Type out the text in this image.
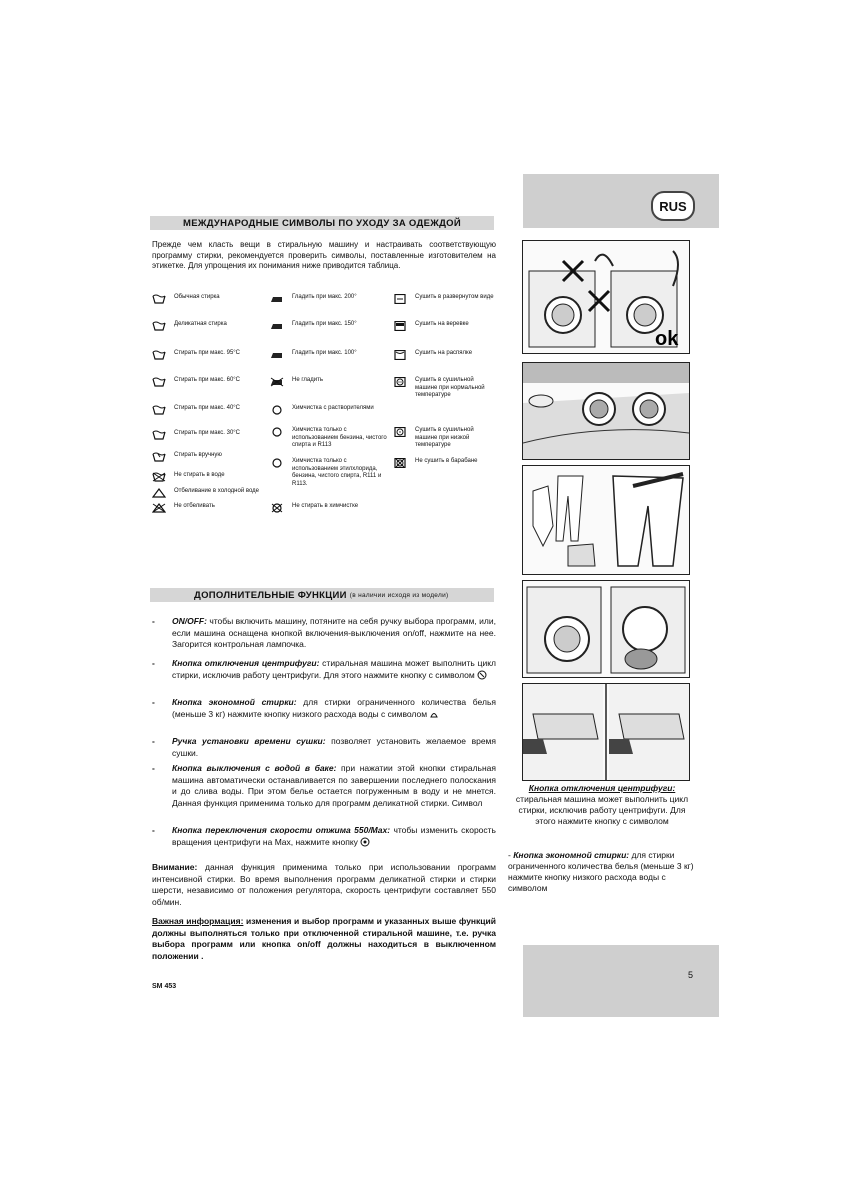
RUS
5
МЕЖДУНАРОДНЫЕ СИМВОЛЫ ПО УХОДУ ЗА ОДЕЖДОЙ
Прежде чем класть вещи в стиральную машину и настраивать соответствующую программу стирки, рекомендуется проверить символы, поставленные изготовителем на этикетке. Для упрощения их понимания ниже приводится таблица.
Обычная стирка
Деликатная стирка
Стирать при макс. 95°С
Стирать при макс. 60°С
Стирать при макс. 40°С
Стирать при макс. 30°С
Стирать вручную
Не стирать в воде
Отбеливание в холодной воде
Не отбеливать
Гладить при макс. 200°
Гладить при макс. 150°
Гладить при макс. 100°
Не гладить
Химчистка с растворителями
Химчистка только с использованием бензина, чистого спирта и R113
Химчистка только с использованием этилхлорида, бензина, чистого спирта, R111 и R113.
Не стирать в химчистке
Сушить в развернутом виде
Сушить на веревке
Сушить на распялке
Сушить в сушильной машине при нормальной температуре
Сушить в сушильной машине при низкой температуре
Не сушить в барабане
ДОПОЛНИТЕЛЬНЫЕ ФУНКЦИИ (в наличии исходя из модели)
- ON/OFF: чтобы включить машину, потяните на себя ручку выбора программ, или, если машина оснащена кнопкой включения-выключения on/off, нажмите на нее. Загорится контрольная лампочка.
- Кнопка отключения центрифуги: стиральная машина может выполнить цикл стирки, исключив работу центрифуги. Для этого нажмите кнопку с символом
- Кнопка экономной стирки: для стирки ограниченного количества белья (меньше 3 кг) нажмите кнопку низкого расхода воды с символом
- Ручка установки времени сушки: позволяет установить желаемое время сушки.
- Кнопка выключения с водой в баке: при нажатии этой кнопки стиральная машина автоматически останавливается по завершении последнего полоскания и до слива воды. При этом белье остается погруженным в воду и не мнется. Данная функция применима только для программ деликатной стирки. Символ
- Кнопка переключения скорости отжима 550/Max: чтобы изменить скорость вращения центрифуги на Max, нажмите кнопку
Внимание: данная функция применима только при использовании программ интенсивной стирки. Во время выполнения программ деликатной стирки и стирки шерсти, независимо от положения регулятора, скорость центрифуги составляет 550 об/мин.
Важная информация: изменения и выбор программ и указанных выше функций должны выполняться только при отключенной стиральной машине, т.е. ручка выбора программ или кнопка on/off должны находиться в выключенном положении .
SM 453
ok
Кнопка отключения центрифуги: стиральная машина может выполнить цикл стирки, исключив работу центрифуги. Для этого нажмите кнопку с символом
- Кнопка экономной стирки: для стирки ограниченного количества белья (меньше 3 кг) нажмите кнопку низкого расхода воды с символом
